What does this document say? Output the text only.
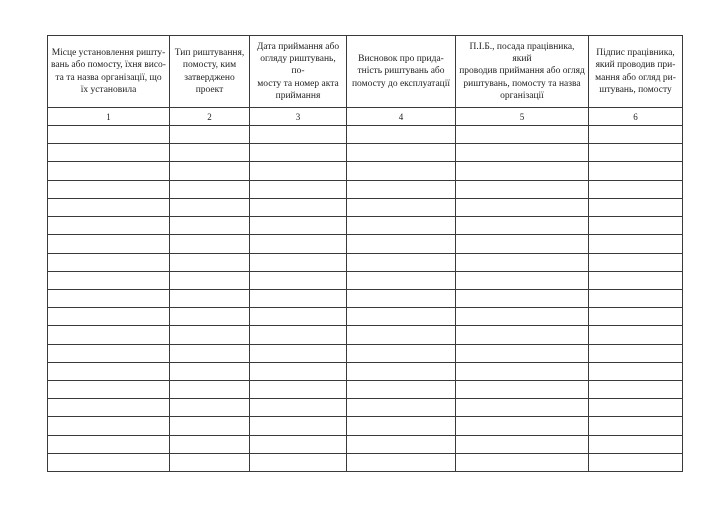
Місце установлення ришту-
вань або помосту, їхня висо-
та та назва організації, що
їх установила	Тип риштування,
помосту, ким
затверджено
проект	Дата приймання або
огляду риштувань, по-
мосту та номер акта
приймання	Висновок про прида-
тність риштувань або
помосту до експлуатації	П.І.Б., посада працівника, який
проводив приймання або огляд
риштувань, помосту та назва
організації	Підпис працівника,
який проводив при-
мання або огляд ри-
штувань, помосту

1	2	3	4	5	6
